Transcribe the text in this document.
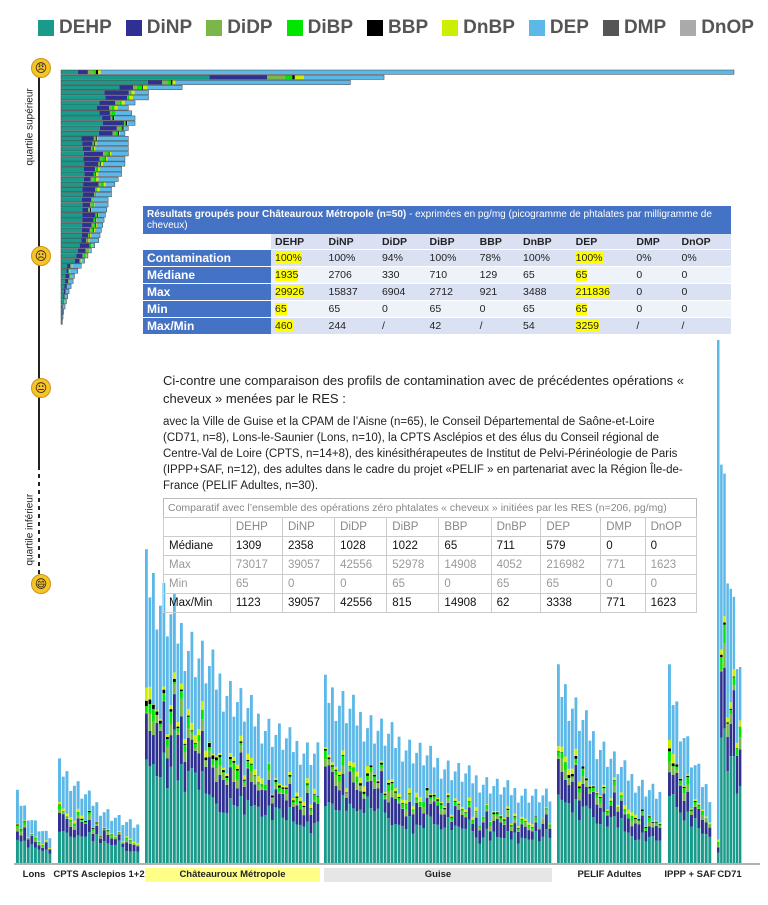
DEHP DiNP DiDP DiBP BBP DnBP DEP DMP DnOP
quartile supérieur
quartile inférieur
😠
☹
😐
😄
Résultats groupés pour Châteauroux Métropole (n=50) - exprimées en pg/mg (picogramme de phtalates par milligramme de cheveux)
	DEHP	DiNP	DiDP	DiBP	BBP	DnBP	DEP	DMP	DnOP
Contamination	100%	100%	94%	100%	78%	100%	100%	0%	0%
Médiane	1935	2706	330	710	129	65	65	0	0
Max	29926	15837	6904	2712	921	3488	211836	0	0
Min	65	65	0	65	0	65	65	0	0
Max/Min	460	244	/	42	/	54	3259	/	/

Ci-contre une comparaison des profils de contamination avec de précédentes opérations « cheveux » menées par le RES :

avec la Ville de Guise et la CPAM de l’Aisne (n=65), le Conseil Départemental de Saône-et-Loire (CD71, n=8), Lons-le-Saunier (Lons, n=10), la CPTS Asclépios et des élus du Conseil régional de Centre-Val de Loire (CPTS, n=14+8), des kinésithérapeutes de Institut de Pelvi-Périnéologie de Paris (IPPP+SAF, n=12), des adultes dans le cadre du projet «PELIF » en partenariat avec la Région Île-de-France (PELIF Adultes, n=30).

Comparatif avec l’ensemble des opérations zéro phtalates « cheveux » initiées par les RES (n=206, pg/mg)
	DEHP	DiNP	DiDP	DiBP	BBP	DnBP	DEP	DMP	DnOP
Médiane	1309	2358	1028	1022	65	711	579	0	0
Max	73017	39057	42556	52978	14908	4052	216982	771	1623
Min	65	0	0	65	0	65	65	0	0
Max/Min	1123	39057	42556	815	14908	62	3338	771	1623
Lons CPTS Asclepios 1+2	Châteauroux Métropole	Guise	PELIF Adultes	IPPP + SAF CD71
